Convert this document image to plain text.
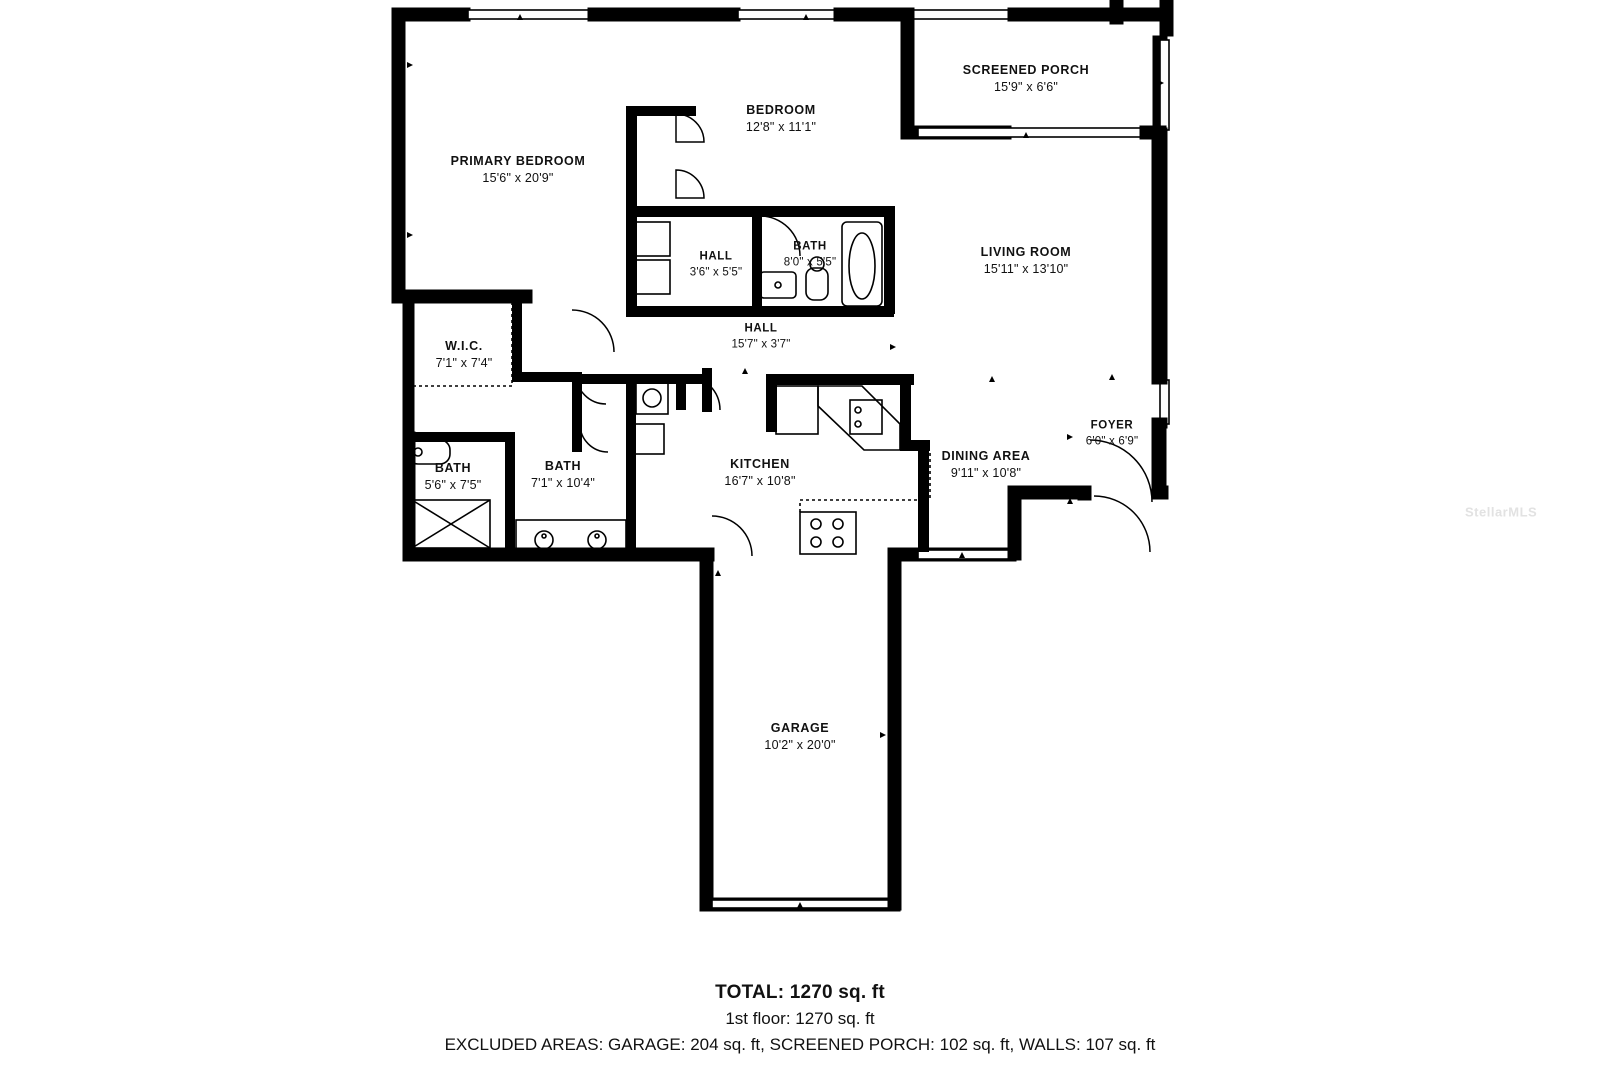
PRIMARY BEDROOM
15'6" x 20'9"
BEDROOM
12'8" x 11'1"
SCREENED PORCH
15'9" x 6'6"
LIVING ROOM
15'11" x 13'10"
HALL
3'6" x 5'5"
BATH
8'0" x 5'5"
HALL
15'7" x 3'7"
W.I.C.
7'1" x 7'4"
FOYER
6'0" x 6'9"
DINING AREA
9'11" x 10'8"
KITCHEN
16'7" x 10'8"
BATH
7'1" x 10'4"
BATH
5'6" x 7'5"
GARAGE
10'2" x 20'0"
StellarMLS
TOTAL: 1270 sq. ft
1st floor: 1270 sq. ft
EXCLUDED AREAS: GARAGE: 204 sq. ft, SCREENED PORCH: 102 sq. ft, WALLS: 107 sq. ft
